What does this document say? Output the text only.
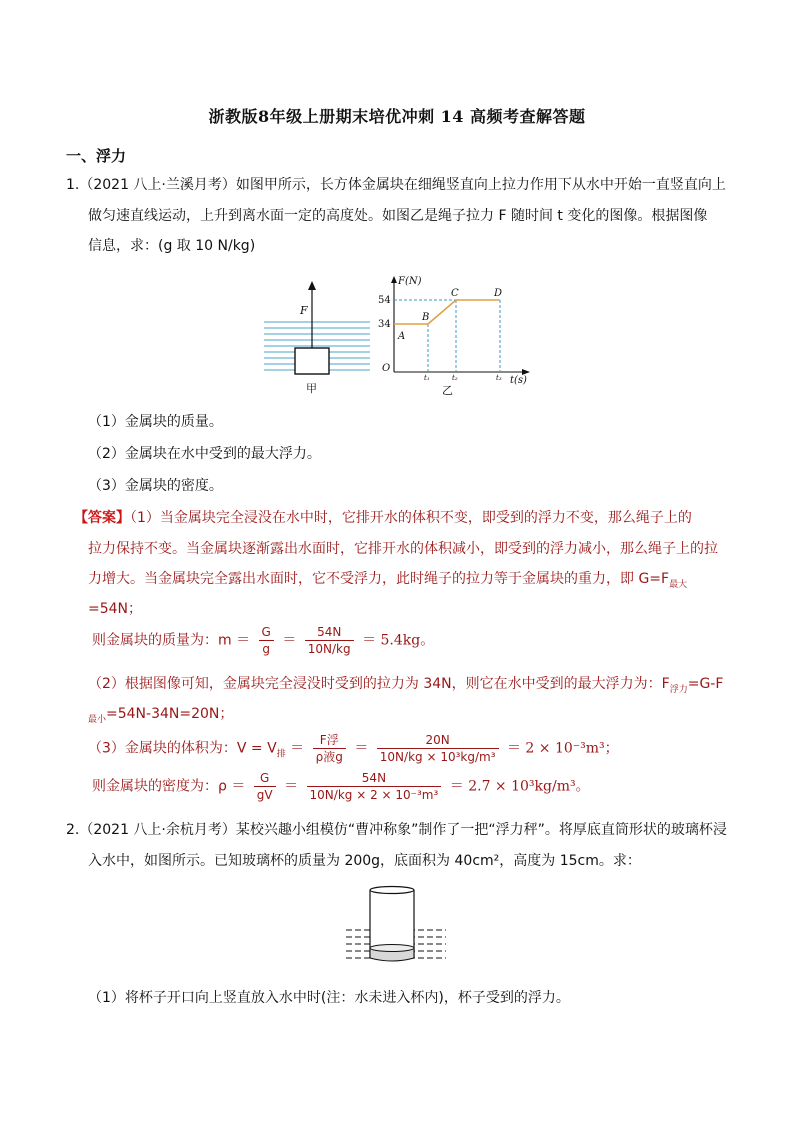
浙教版8年级上册期末培优冲刺 14 高频考查解答题
一、浮力
1.（2021 八上·兰溪月考）如图甲所示，长方体金属块在细绳竖直向上拉力作用下从水中开始一直竖直向上
做匀速直线运动，上升到离水面一定的高度处。如图乙是绳子拉力 F 随时间 t 变化的图像。根据图像
信息，求：(g 取 10 N/kg)
F
甲
F(N)
t(s)
54
34
O
t₁	t₂	t₃
A
B
C	D
乙
（1）金属块的质量。
（2）金属块在水中受到的最大浮力。
（3）金属块的密度。
【答案】（1）当金属块完全浸没在水中时，它排开水的体积不变，即受到的浮力不变，那么绳子上的
拉力保持不变。当金属块逐渐露出水面时，它排开水的体积减小，即受到的浮力减小，那么绳子上的拉
力增大。当金属块完全露出水面时，它不受浮力，此时绳子的拉力等于金属块的重力，即 $G=F_{最大}$
=54N；
则金属块的质量为：$m = \frac{G}{g} = \frac{54N}{10N/kg} = 5.4kg$。
（2）根据图像可知，金属块完全浸没时受到的拉力为 34N，则它在水中受到的最大浮力为：$F_{浮力}=G-F$
$_{最小}$=54N-34N=20N；
（3）金属块的体积为：$V = V_排 = \frac{\text{F浮}}{\text{ρ液g}} = \frac{20N}{\text{10N/kg × 10³kg/m³}} = 2 \times 10^{-3}m^3$；
则金属块的密度为：$\rho = \frac{G}{gV} = \frac{54N}{\text{10N/kg × 2 × 10⁻³m³}} = 2.7 \times 10^3kg/m^3$。
2.（2021 八上·余杭月考）某校兴趣小组模仿“曹冲称象”制作了一把“浮力秤”。将厚底直筒形状的玻璃杯浸
入水中，如图所示。已知玻璃杯的质量为 200g，底面积为 40cm²，高度为 15cm。求：
（1）将杯子开口向上竖直放入水中时(注：水未进入杯内)，杯子受到的浮力。
